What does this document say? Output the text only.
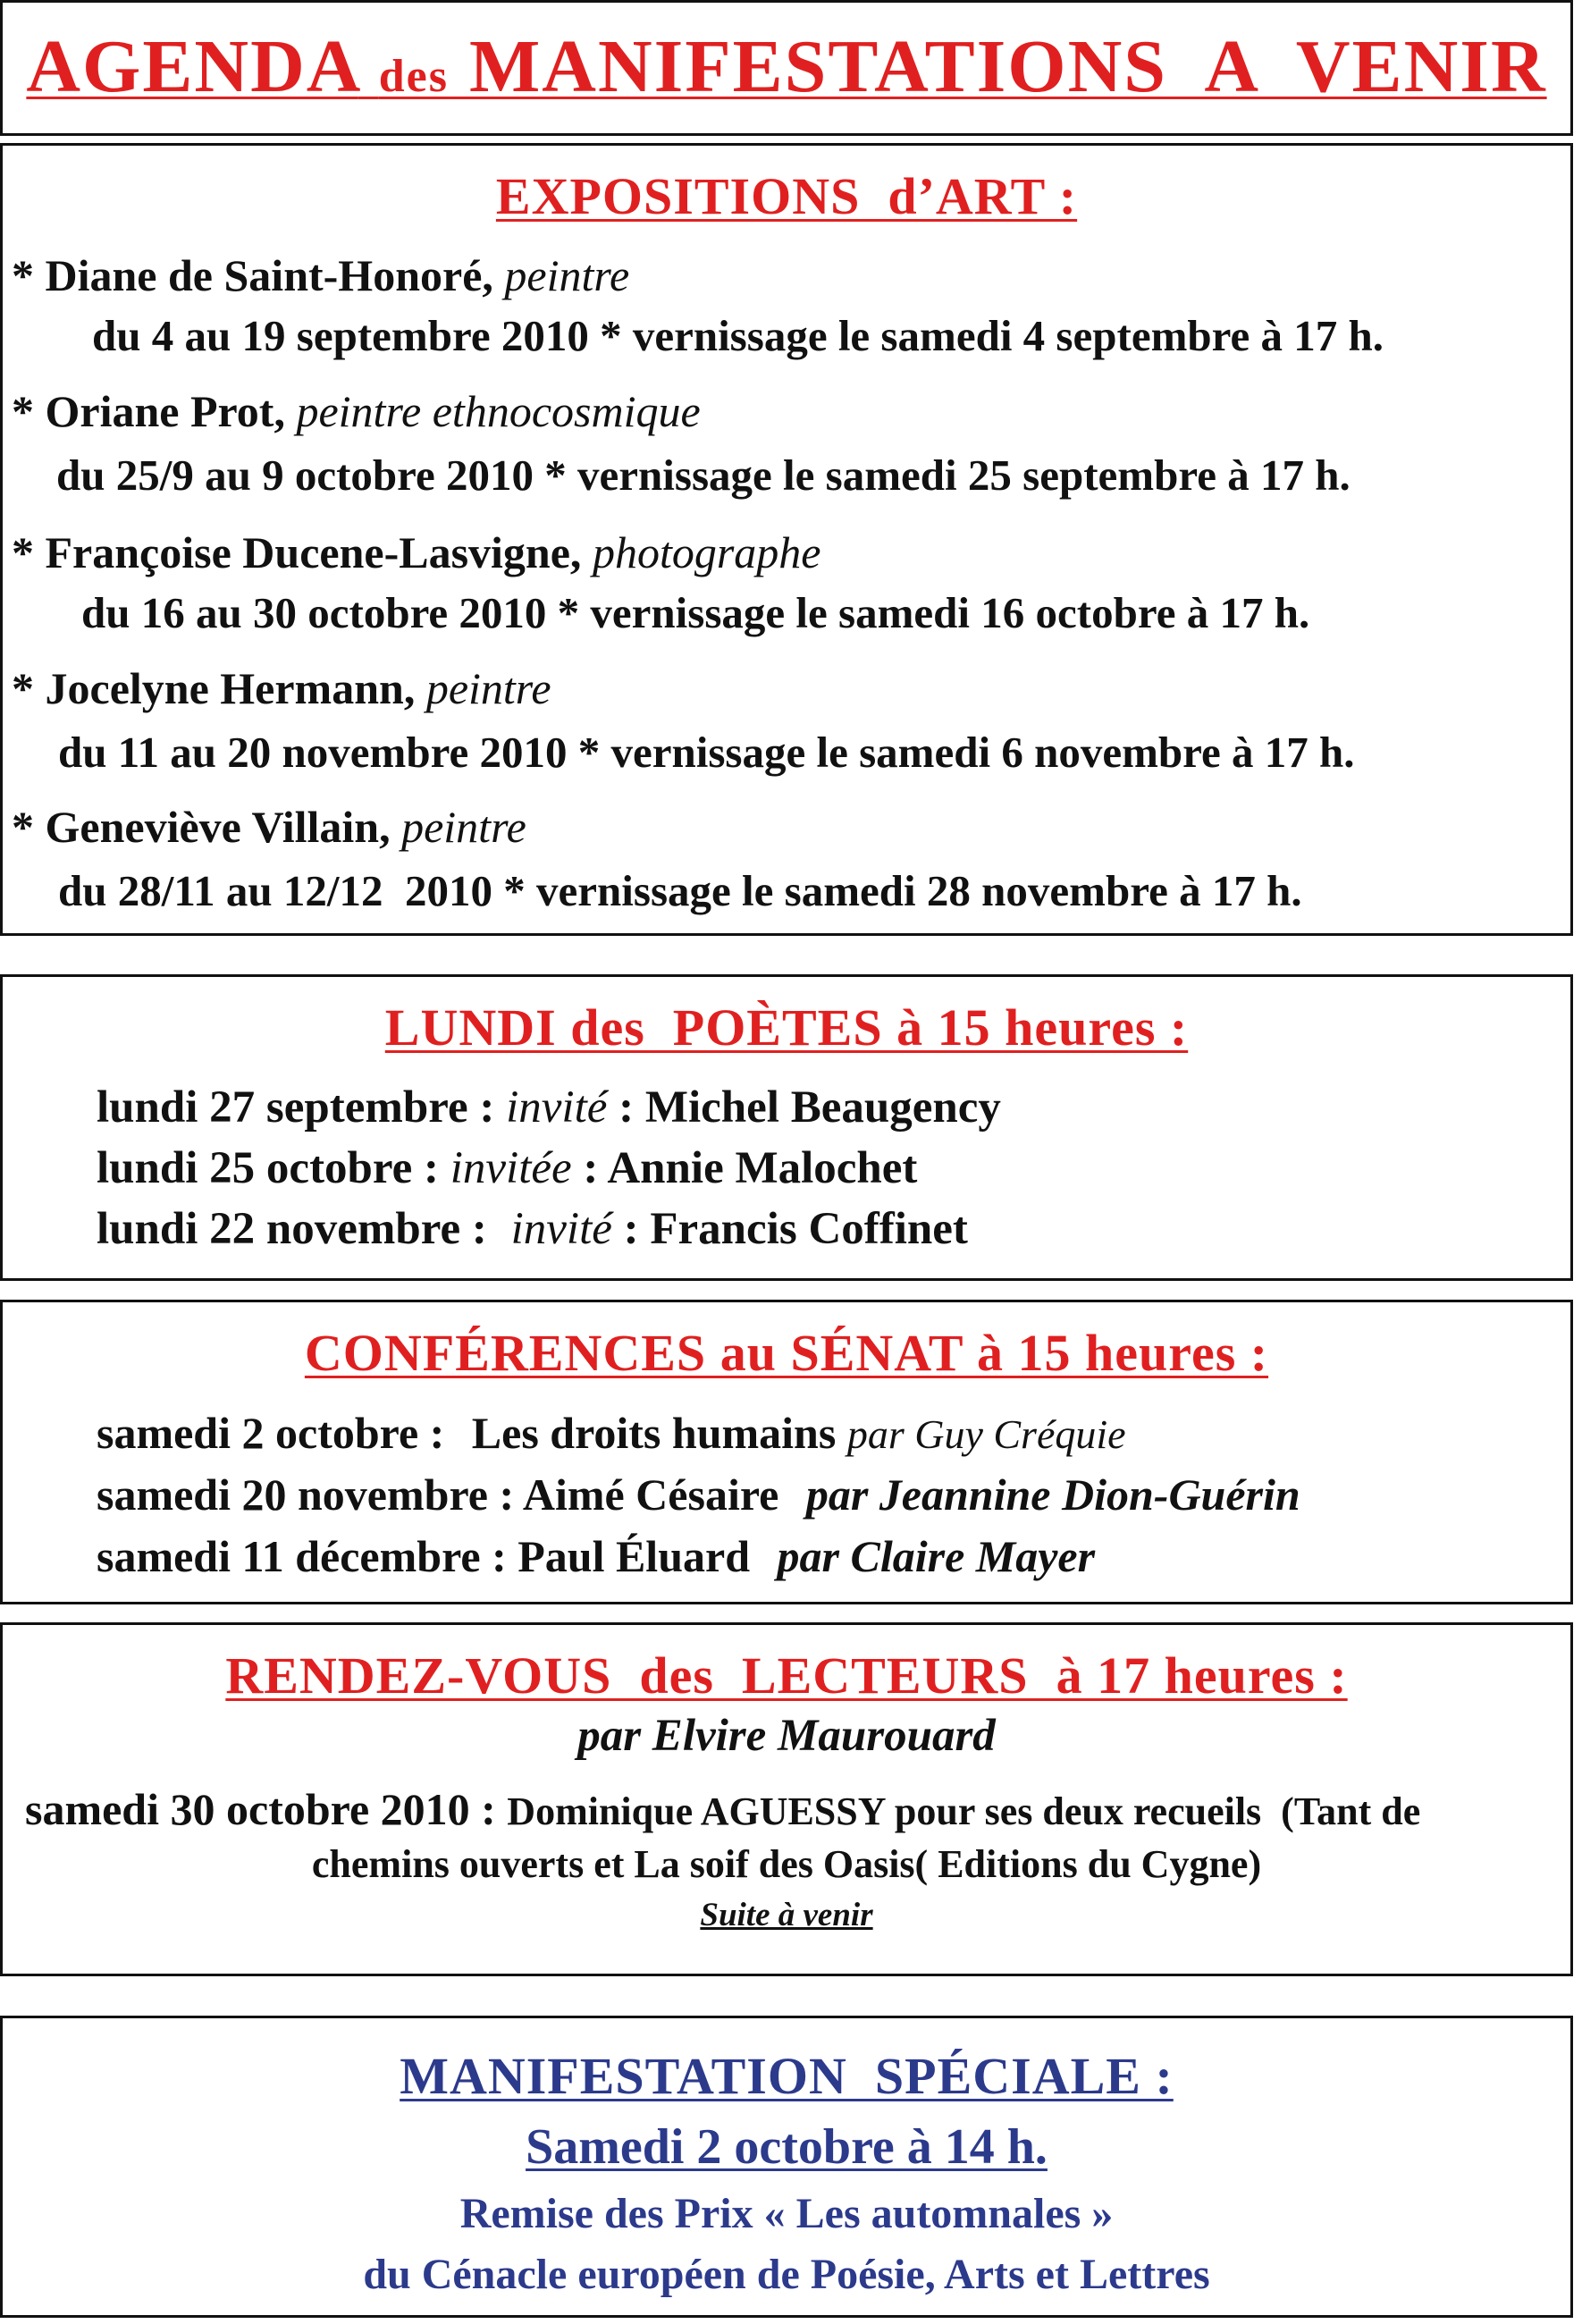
AGENDA des MANIFESTATIONS  A  VENIR
EXPOSITIONS  d’ART :
* Diane de Saint-Honoré, peintre
du 4 au 19 septembre 2010 * vernissage le samedi 4 septembre à 17 h.
* Oriane Prot, peintre ethnocosmique
du 25/9 au 9 octobre 2010 * vernissage le samedi 25 septembre à 17 h.
* Françoise Ducene-Lasvigne, photographe
du 16 au 30 octobre 2010 * vernissage le samedi 16 octobre à 17 h.
* Jocelyne Hermann, peintre
du 11 au 20 novembre 2010 * vernissage le samedi 6 novembre à 17 h.
* Geneviève Villain, peintre
du 28/11 au 12/12  2010 * vernissage le samedi 28 novembre à 17 h.
LUNDI des  POÈTES à 15 heures :
lundi 27 septembre : invité : Michel Beaugency
lundi 25 octobre : invitée : Annie Malochet
lundi 22 novembre : invité : Francis Coffinet
CONFÉRENCES au SÉNAT à 15 heures :
samedi 2 octobre : Les droits humains par Guy Créquie
samedi 20 novembre : Aimé Césaire par Jeannine Dion-Guérin
samedi 11 décembre : Paul Éluard par Claire Mayer
RENDEZ-VOUS  des  LECTEURS  à 17 heures :
par Elvire Maurouard
samedi 30 octobre 2010 : Dominique AGUESSY pour ses deux recueils  (Tant de
chemins ouverts et La soif des Oasis( Editions du Cygne)
Suite à venir
MANIFESTATION  SPÉCIALE :
Samedi 2 octobre à 14 h.
Remise des Prix « Les automnales »
du Cénacle européen de Poésie, Arts et Lettres
